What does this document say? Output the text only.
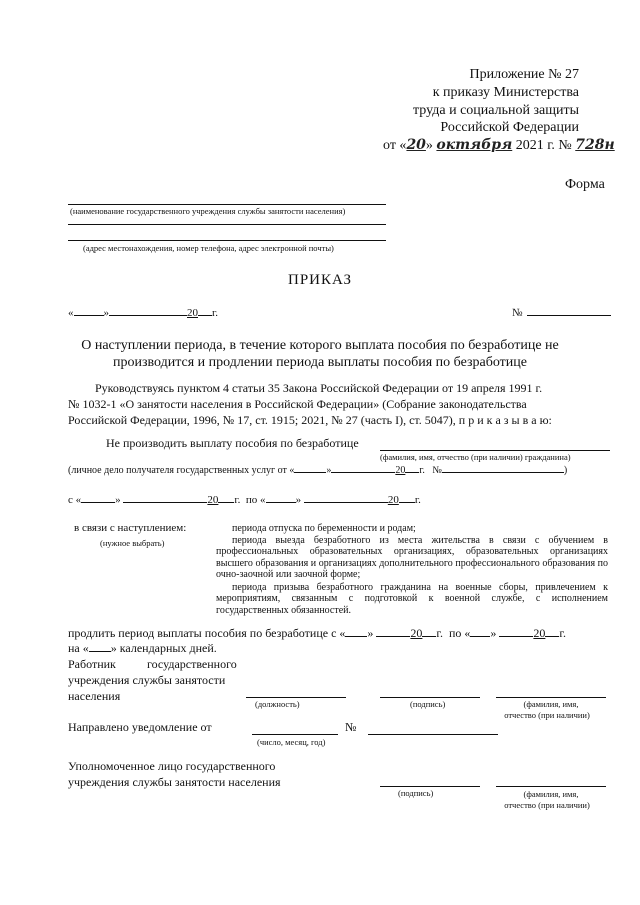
Приложение № 27
к приказу Министерства
труда и социальной защиты
Российской Федерации
от «20» октября 2021 г. № 728н
Форма
(наименование государственного учреждения службы занятости населения)
(адрес местонахождения, номер телефона, адрес электронной почты)
ПРИКАЗ
«	»	20 г.	№
О наступлении периода, в течение которого выплата пособия по безработице не
производится и продлении периода выплаты пособия по безработице
Руководствуясь пунктом 4 статьи 35 Закона Российской Федерации от 19 апреля 1991 г.
№ 1032-1 «О занятости населения в Российской Федерации» (Собрание законодательства
Российской Федерации, 1996, № 17, ст. 1915; 2021, № 27 (часть I), ст. 5047), п р и к а з ы в а ю:
Не производить выплату пособия по безработице
(фамилия, имя, отчество (при наличии) гражданина)
(личное дело получателя государственных услуг от «	»	20 г. №	)
с «	»	20 г. по «	»	20 г.
в связи с наступлением:
(нужное выбрать)
периода отпуска по беременности и родам;
периода выезда безработного из места жительства в связи с обучением в профессиональных образовательных организациях, образовательных организациях высшего образования и организациях дополнительного профессионального образования по очно-заочной или заочной форме;
периода призыва безработного гражданина на военные сборы, привлечением к мероприятиям, связанным с подготовкой к военной службе, с исполнением государственных обязанностей.
продлить период выплаты пособия по безработице с « »	20 г. по « »	20 г.
на « » календарных дней.
Работник	государственного
учреждения службы занятости
населения
(должность)	(подпись)	(фамилия, имя,
отчество (при наличии)
Направлено уведомление от	№
(число, месяц, год)
Уполномоченное лицо государственного
учреждения службы занятости населения
(подпись)	(фамилия, имя,
отчество (при наличии)
